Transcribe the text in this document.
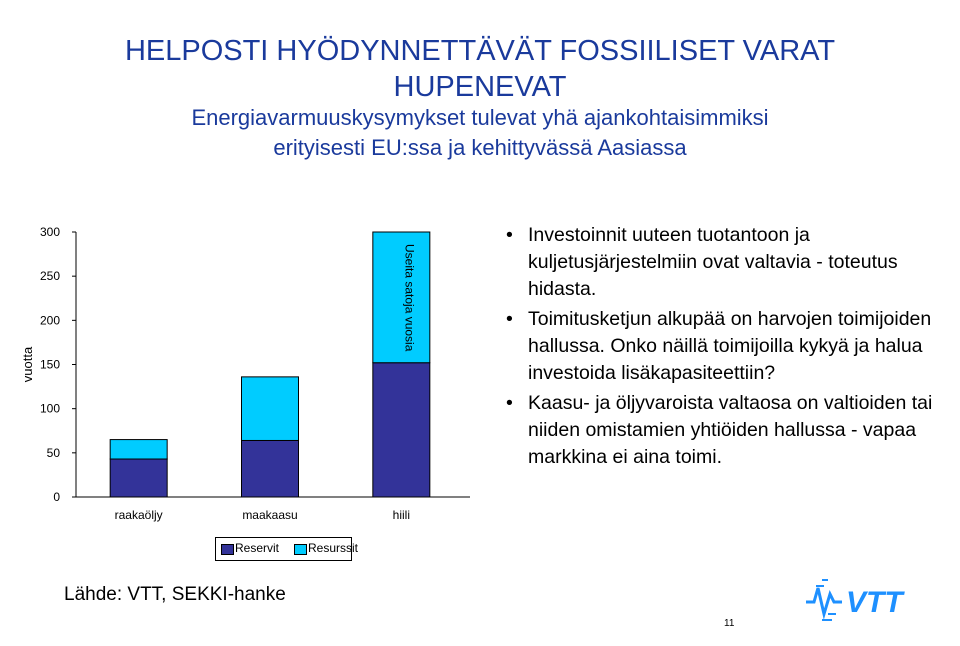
HELPOSTI HYÖDYNNETTÄVÄT FOSSIILISET VARAT
HUPENEVAT
Energiavarmuuskysymykset tulevat yhä ajankohtaisimmiksi
erityisesti EU:ssa ja kehittyvässä Aasiassa
0
50
100
150
200
250
300
vuotta
raakaöljy	maakaasu	hiili
Useita satoja vuosia
Reservit Resurssit
• Investoinnit uuteen tuotantoon ja kuljetusjärjestelmiin ovat valtavia - toteutus hidasta.
• Toimitusketjun alkupää on harvojen toimijoiden hallussa. Onko näillä toimijoilla kykyä ja halua investoida lisäkapasiteettiin?
• Kaasu- ja öljyvaroista valtaosa on valtioiden tai niiden omistamien yhtiöiden hallussa - vapaa markkina ei aina toimi.
Lähde: VTT, SEKKI-hanke	VTT
11
